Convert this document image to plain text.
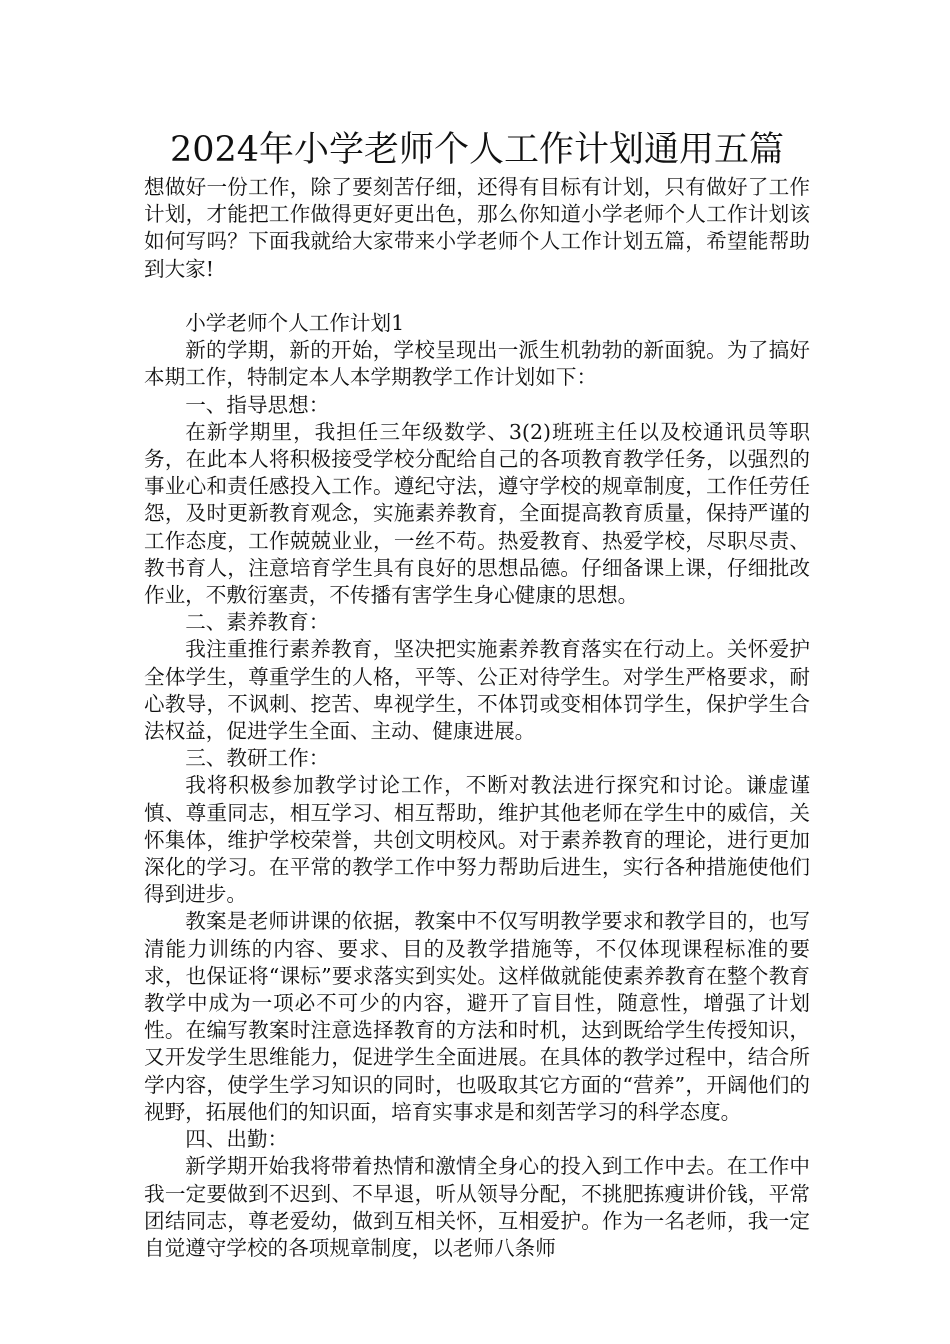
2024年小学老师个人工作计划通用五篇

想做好一份工作，除了要刻苦仔细，还得有目标有计划，只有做好了工作计划，才能把工作做得更好更出色，那么你知道小学老师个人工作计划该如何写吗？下面我就给大家带来小学老师个人工作计划五篇，希望能帮助到大家!

小学老师个人工作计划1

新的学期，新的开始，学校呈现出一派生机勃勃的新面貌。为了搞好本期工作，特制定本人本学期教学工作计划如下：

一、指导思想：

在新学期里，我担任三年级数学、3(2)班班主任以及校通讯员等职务，在此本人将积极接受学校分配给自己的各项教育教学任务，以强烈的事业心和责任感投入工作。遵纪守法，遵守学校的规章制度，工作任劳任怨，及时更新教育观念，实施素养教育，全面提高教育质量，保持严谨的工作态度，工作兢兢业业，一丝不苟。热爱教育、热爱学校，尽职尽责、教书育人，注意培育学生具有良好的思想品德。仔细备课上课，仔细批改作业，不敷衍塞责，不传播有害学生身心健康的思想。

二、素养教育：

我注重推行素养教育，坚决把实施素养教育落实在行动上。关怀爱护全体学生，尊重学生的人格，平等、公正对待学生。对学生严格要求，耐心教导，不讽刺、挖苦、卑视学生，不体罚或变相体罚学生，保护学生合法权益，促进学生全面、主动、健康进展。

三、教研工作：

我将积极参加教学讨论工作，不断对教法进行探究和讨论。谦虚谨慎、尊重同志，相互学习、相互帮助，维护其他老师在学生中的威信，关怀集体，维护学校荣誉，共创文明校风。对于素养教育的理论，进行更加深化的学习。在平常的教学工作中努力帮助后进生，实行各种措施使他们得到进步。

教案是老师讲课的依据，教案中不仅写明教学要求和教学目的，也写清能力训练的内容、要求、目的及教学措施等，不仅体现课程标准的要求，也保证将“课标”要求落实到实处。这样做就能使素养教育在整个教育教学中成为一项必不可少的内容，避开了盲目性，随意性，增强了计划性。在编写教案时注意选择教育的方法和时机，达到既给学生传授知识，又开发学生思维能力，促进学生全面进展。在具体的教学过程中，结合所学内容，使学生学习知识的同时，也吸取其它方面的“营养”，开阔他们的视野，拓展他们的知识面，培育实事求是和刻苦学习的科学态度。

四、出勤：

新学期开始我将带着热情和激情全身心的投入到工作中去。在工作中我一定要做到不迟到、不早退，听从领导分配，不挑肥拣瘦讲价钱，平常团结同志，尊老爱幼，做到互相关怀，互相爱护。作为一名老师，我一定自觉遵守学校的各项规章制度，以老师八条师
